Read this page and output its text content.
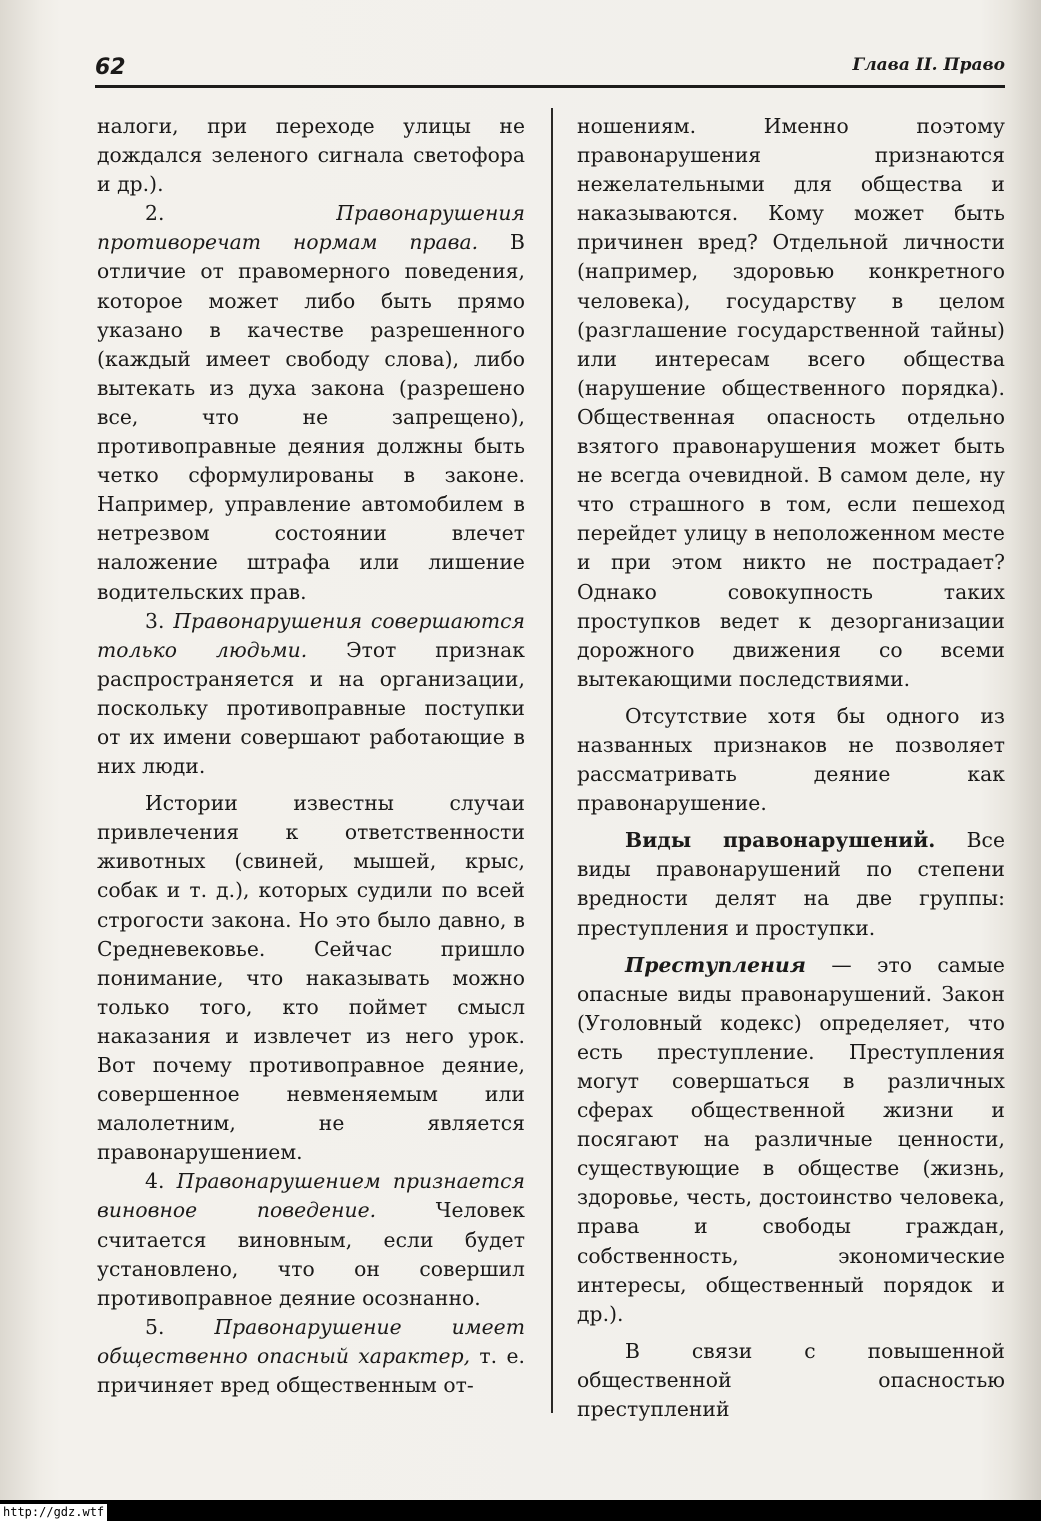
62	Глава II. Право

налоги, при переходе улицы не дождался зеленого сигнала светофора и др.).

2. Правонарушения противоречат нормам права. В отличие от правомерного поведения, которое может либо быть прямо указано в качестве разрешенного (каждый имеет свободу слова), либо вытекать из духа закона (разрешено все, что не запрещено), противоправные деяния должны быть четко сформулированы в законе. Например, управление автомобилем в нетрезвом состоянии влечет наложение штрафа или лишение водительских прав.

3. Правонарушения совершаются только людьми. Этот признак распространяется и на организации, поскольку противоправные поступки от их имени совершают работающие в них люди.

Истории известны случаи привлечения к ответственности животных (свиней, мышей, крыс, собак и т. д.), которых судили по всей строгости закона. Но это было давно, в Средневековье. Сейчас пришло понимание, что наказывать можно только того, кто поймет смысл наказания и извлечет из него урок. Вот почему противоправное деяние, совершенное невменяемым или малолетним, не является правонарушением.

4. Правонарушением признается виновное поведение. Человек считается виновным, если будет установлено, что он совершил противоправное деяние осознанно.

5. Правонарушение имеет общественно опасный характер, т. е. причиняет вред общественным от-

ношениям. Именно поэтому правонарушения признаются нежелательными для общества и наказываются. Кому может быть причинен вред? Отдельной личности (например, здоровью конкретного человека), государству в целом (разглашение государственной тайны) или интересам всего общества (нарушение общественного порядка). Общественная опасность отдельно взятого правонарушения может быть не всегда очевидной. В самом деле, ну что страшного в том, если пешеход перейдет улицу в неположенном месте и при этом никто не пострадает? Однако совокупность таких проступков ведет к дезорганизации дорожного движения со всеми вытекающими последствиями.

Отсутствие хотя бы одного из названных признаков не позволяет рассматривать деяние как правонарушение.

Виды правонарушений. Все виды правонарушений по степени вредности делят на две группы: преступления и проступки.

Преступления — это самые опасные виды правонарушений. Закон (Уголовный кодекс) определяет, что есть преступление. Преступления могут совершаться в различных сферах общественной жизни и посягают на различные ценности, существующие в обществе (жизнь, здоровье, честь, достоинство человека, права и свободы граждан, собственность, экономические интересы, общественный порядок и др.).

В связи с повышенной общественной опасностью преступлений

http://gdz.wtf
